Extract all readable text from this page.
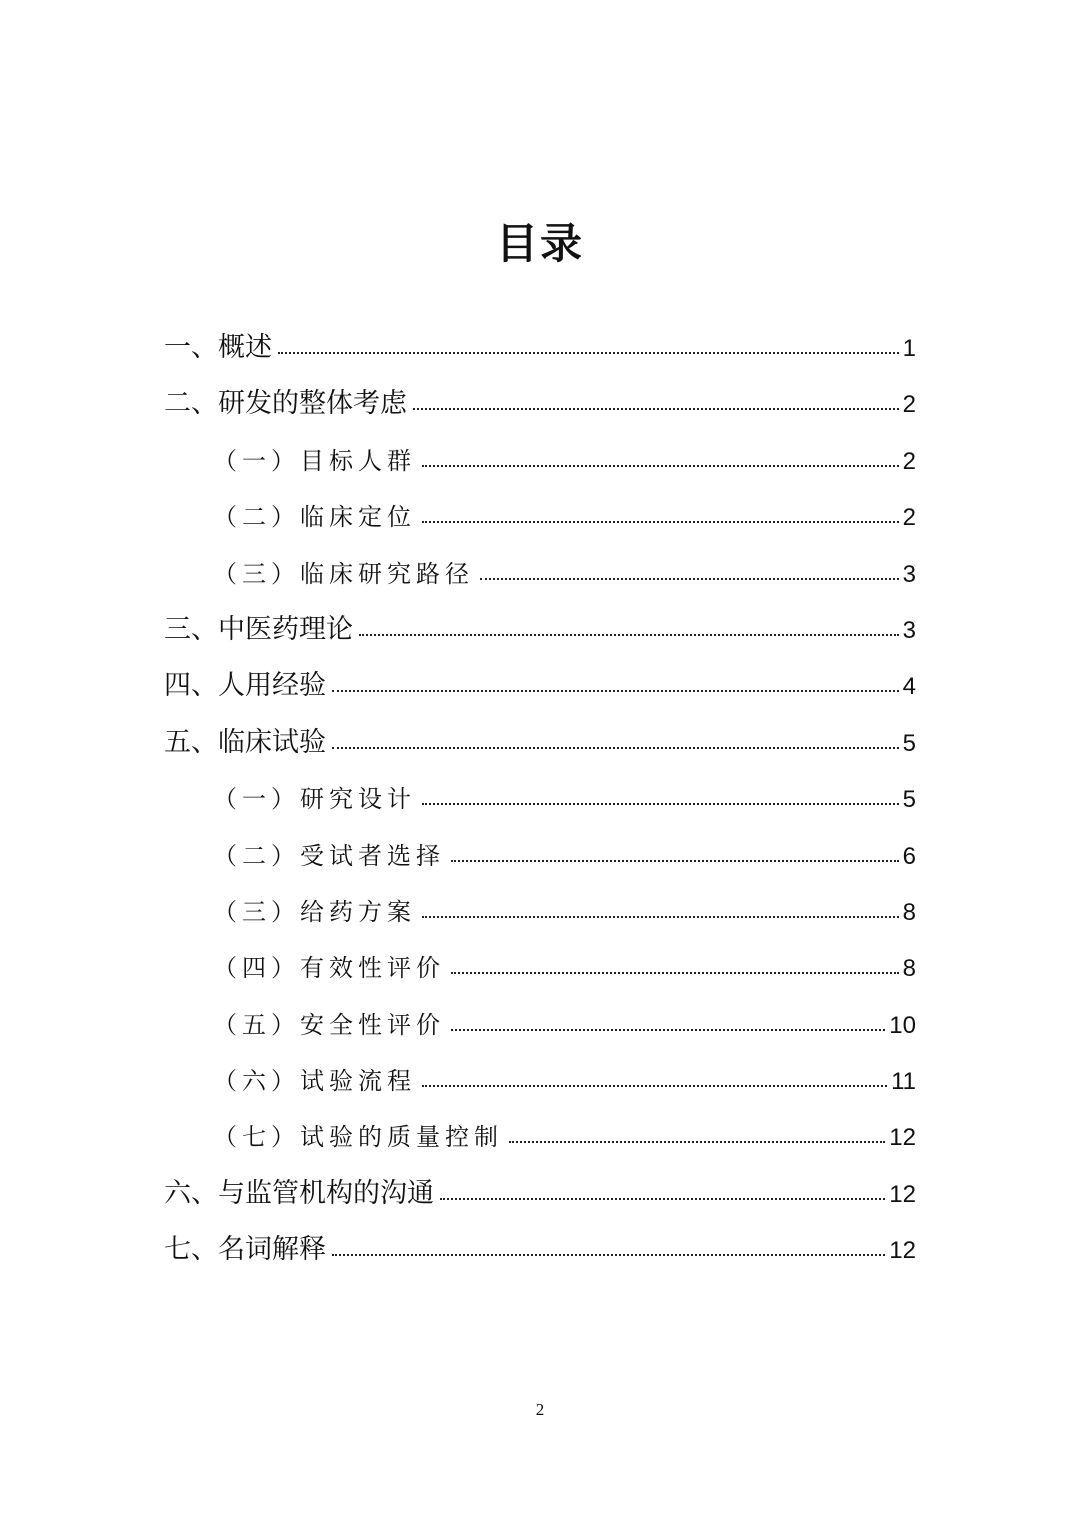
目录
一、概述	1
二、研发的整体考虑	2
（一）目标人群	2
（二）临床定位	2
（三）临床研究路径	3
三、中医药理论	3
四、人用经验	4
五、临床试验	5
（一）研究设计	5
（二）受试者选择	6
（三）给药方案	8
（四）有效性评价	8
（五）安全性评价	10
（六）试验流程	11
（七）试验的质量控制	12
六、与监管机构的沟通	12
七、名词解释	12
2
